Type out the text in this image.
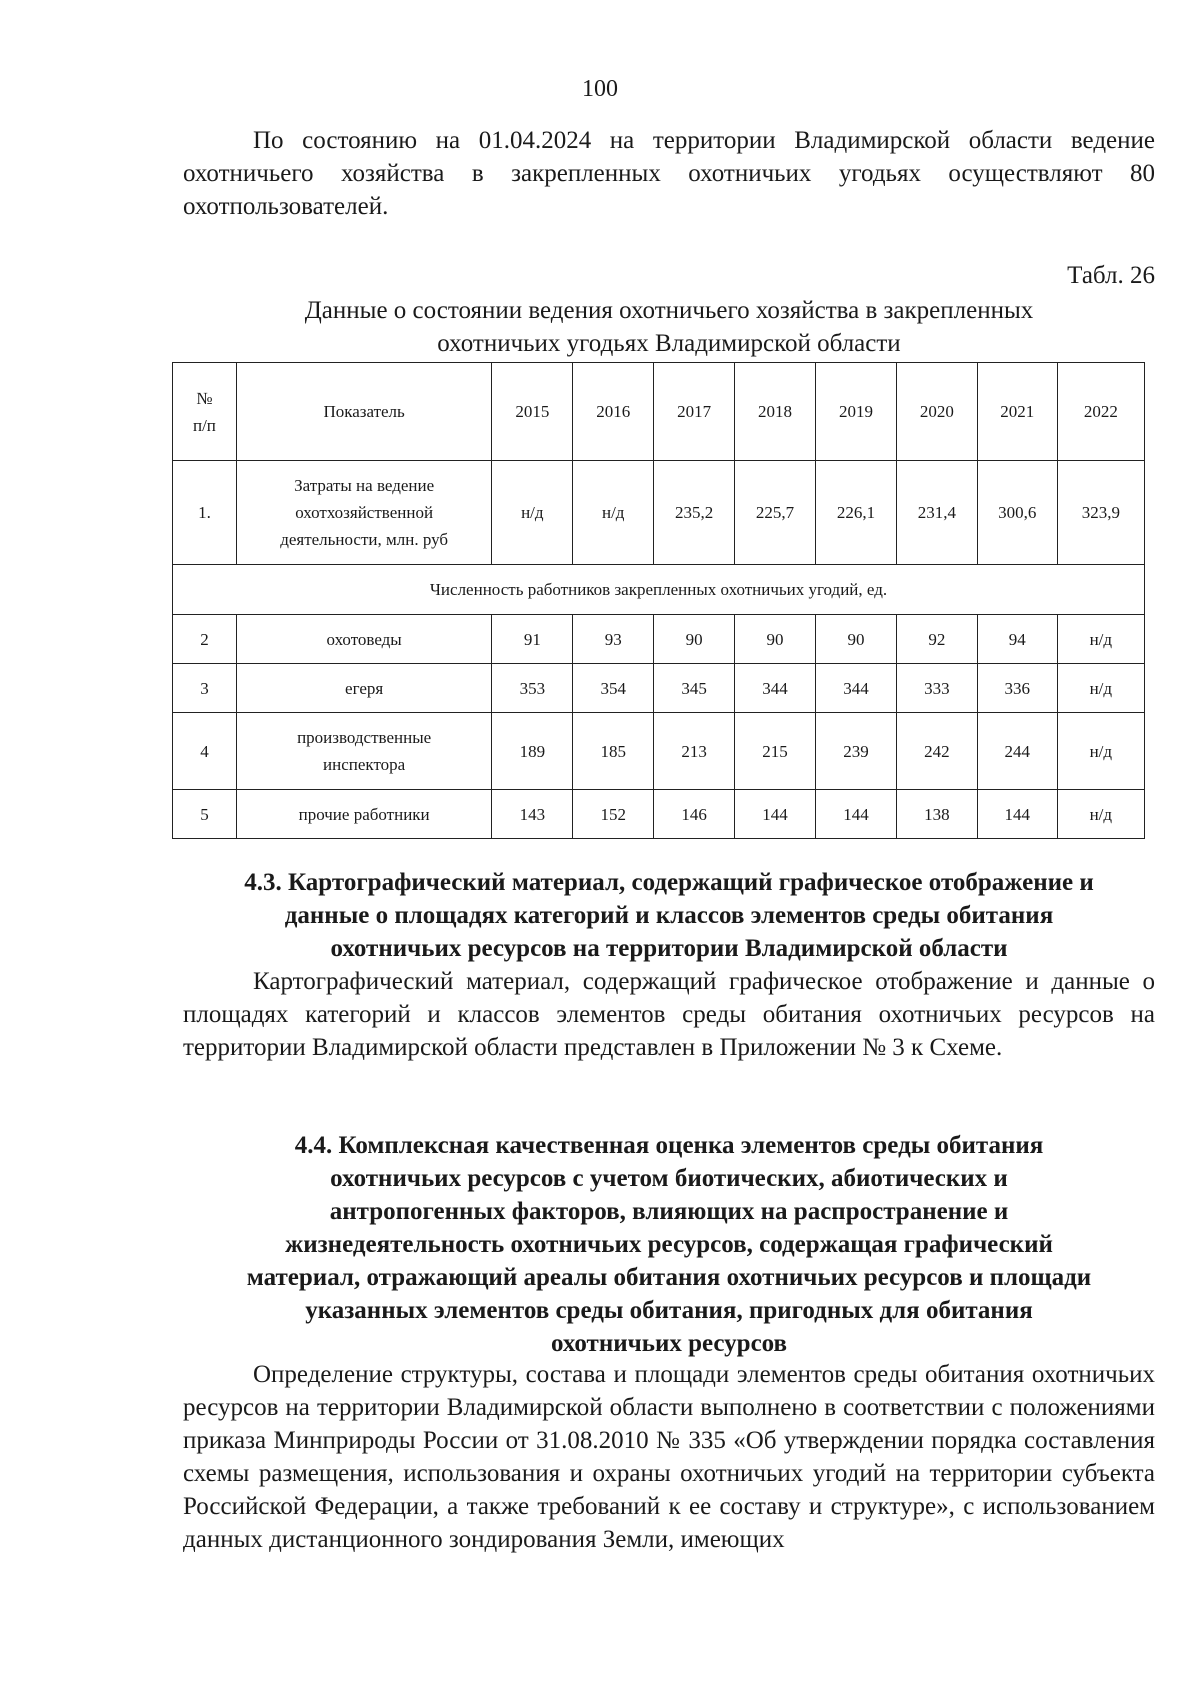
100

По состоянию на 01.04.2024 на территории Владимирской области ведение охотничьего хозяйства в закрепленных охотничьих угодьях осуществляют 80 охотпользователей.

Табл. 26
Данные о состоянии ведения охотничьего хозяйства в закрепленных
охотничьих угодьях Владимирской области
№
п/п	Показатель	2015	2016	2017	2018	2019	2020	2021	2022
1.	Затраты на ведение
охотхозяйственной
деятельности, млн. руб	н/д	н/д	235,2	225,7	226,1	231,4	300,6	323,9
Численность работников закрепленных охотничьих угодий, ед.									
2	охотоведы	91	93	90	90	90	92	94	н/д
3	егеря	353	354	345	344	344	333	336	н/д
4	производственные
инспектора	189	185	213	215	239	242	244	н/д
5	прочие работники	143	152	146	144	144	138	144	н/д
4.3. Картографический материал, содержащий графическое отображение и
данные о площадях категорий и классов элементов среды обитания
охотничьих ресурсов на территории Владимирской области

Картографический материал, содержащий графическое отображение и данные о площадях категорий и классов элементов среды обитания охотничьих ресурсов на территории Владимирской области представлен в Приложении № 3 к Схеме.

4.4. Комплексная качественная оценка элементов среды обитания
охотничьих ресурсов с учетом биотических, абиотических и
антропогенных факторов, влияющих на распространение и
жизнедеятельность охотничьих ресурсов, содержащая графический
материал, отражающий ареалы обитания охотничьих ресурсов и площади
указанных элементов среды обитания, пригодных для обитания
охотничьих ресурсов

Определение структуры, состава и площади элементов среды обитания охотничьих ресурсов на территории Владимирской области выполнено в соответствии с положениями приказа Минприроды России от 31.08.2010 № 335 «Об утверждении порядка составления схемы размещения, использования и охраны охотничьих угодий на территории субъекта Российской Федерации, а также требований к ее составу и структуре», с использованием данных дистанционного зондирования Земли, имеющих
